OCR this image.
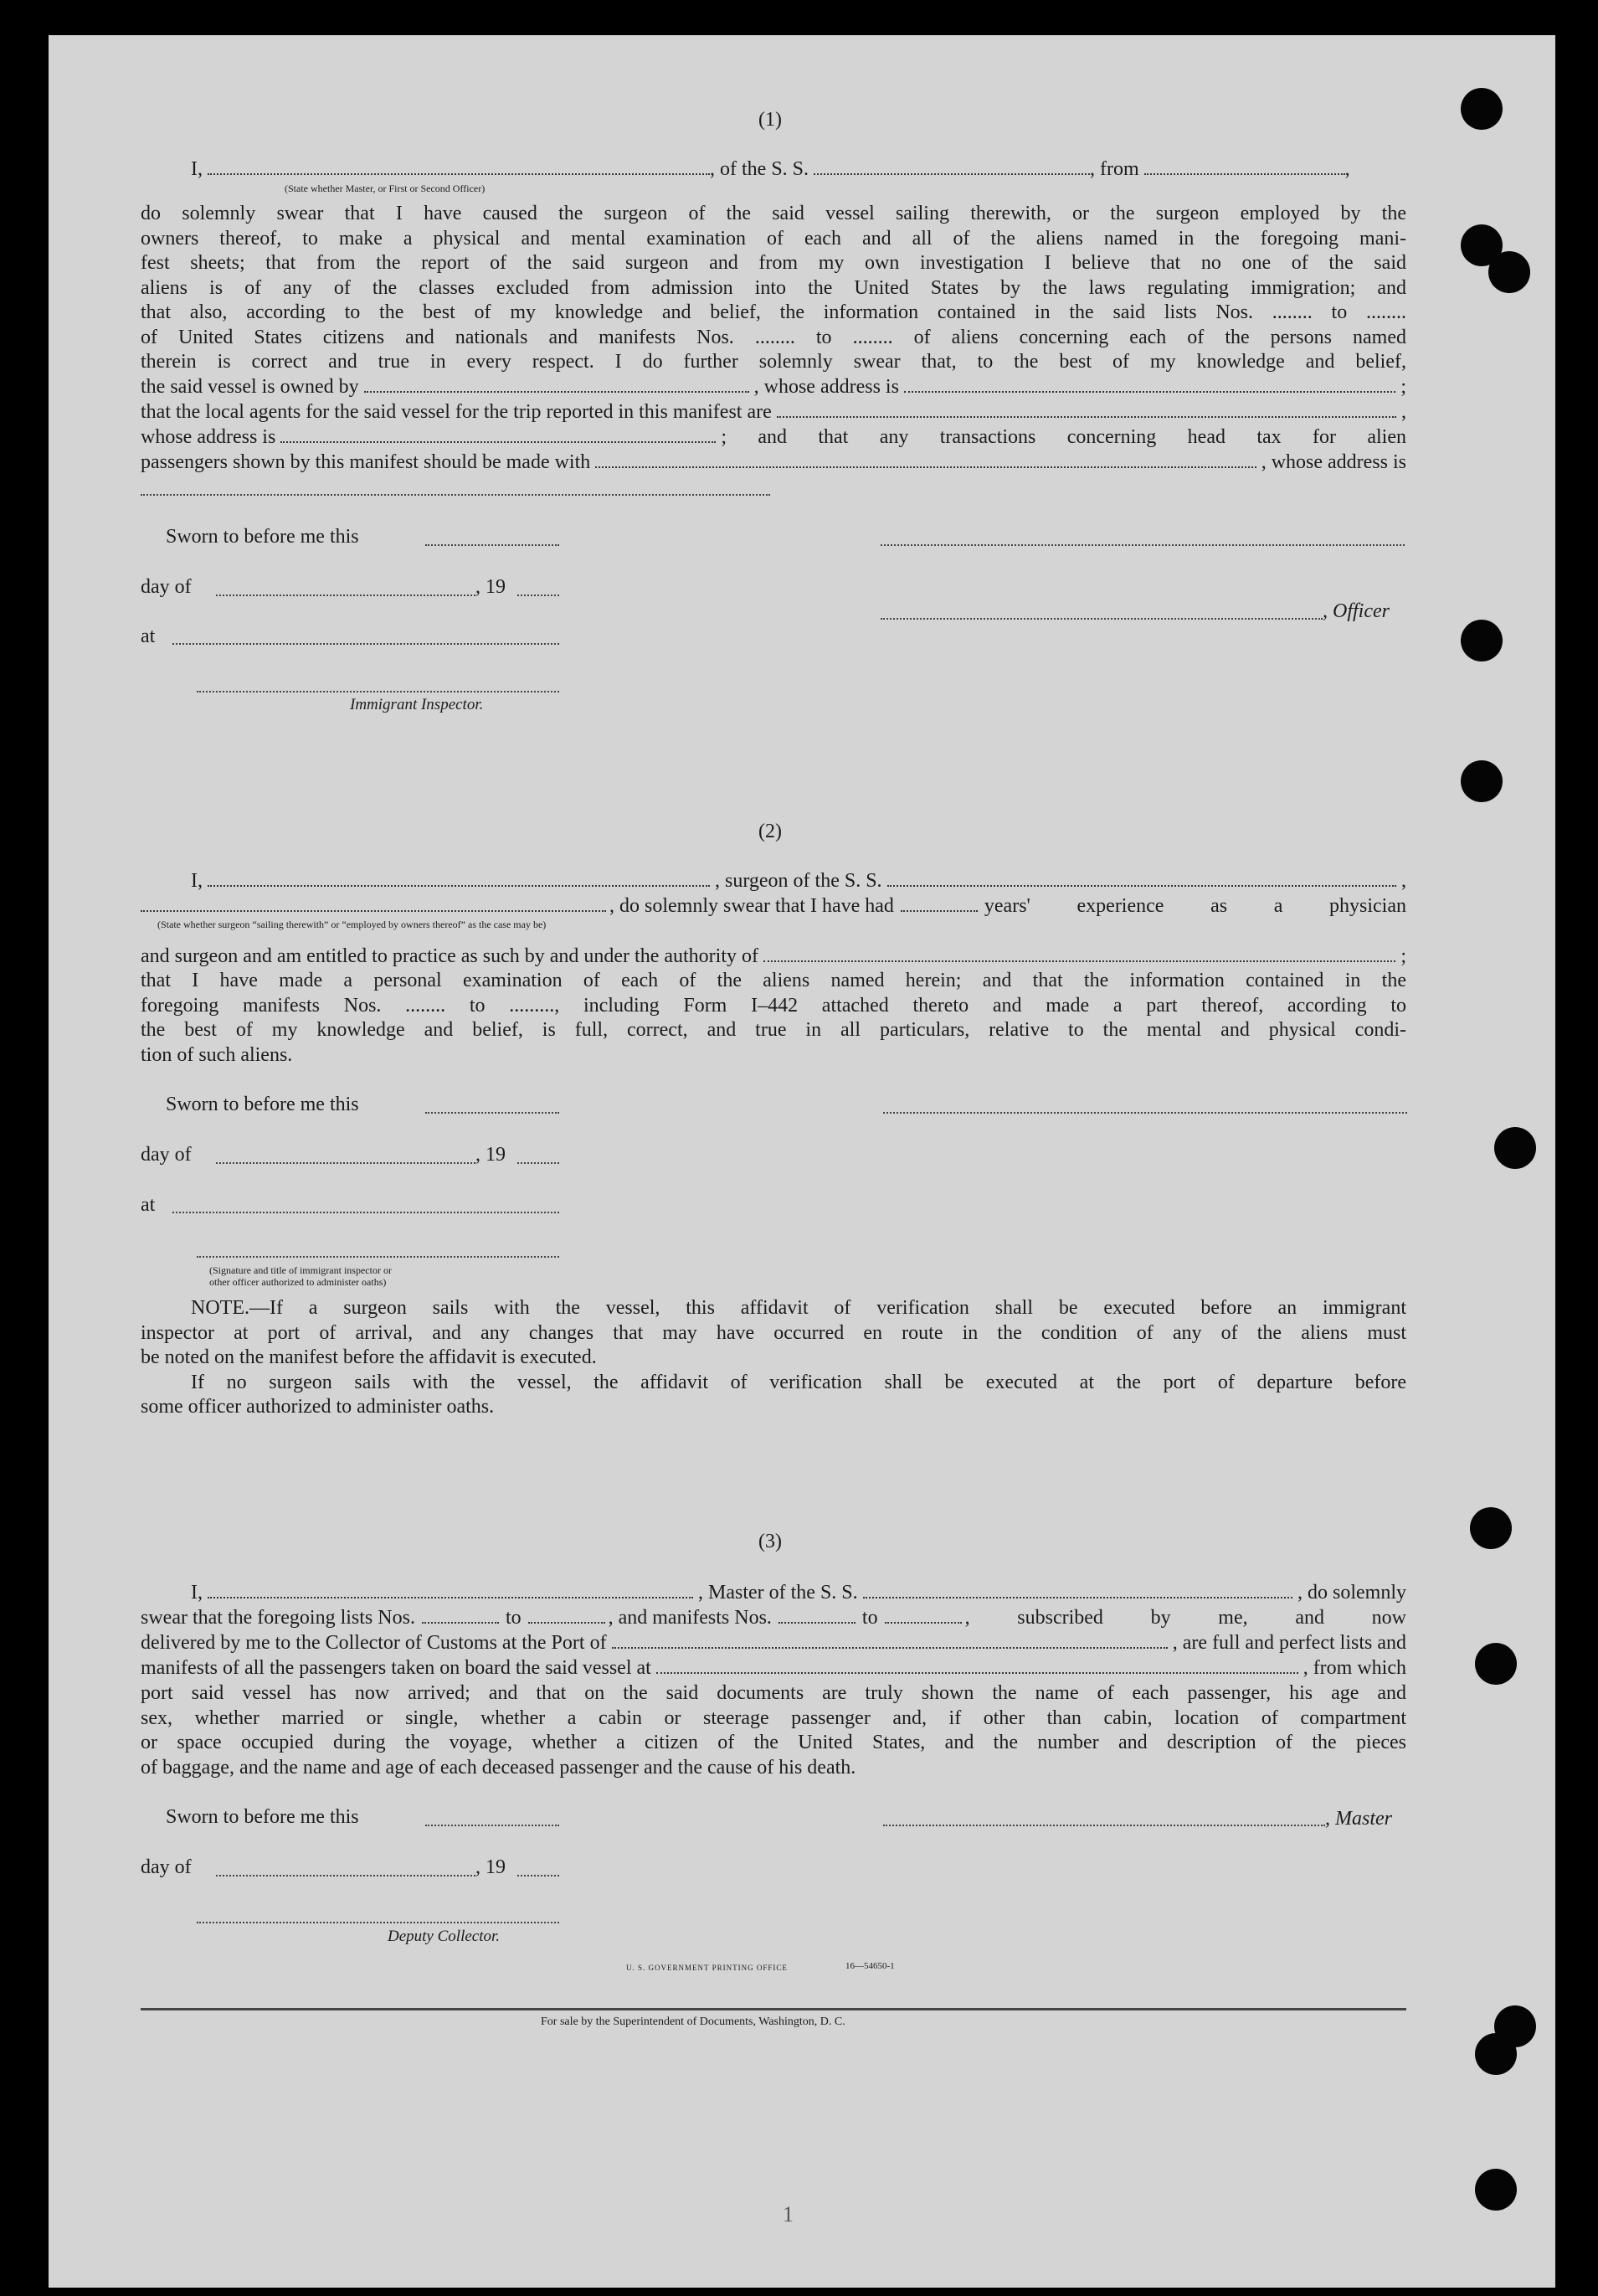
(1)
I,	, of the S. S.	, from	,
(State whether Master, or First or Second Officer)
do solemnly swear that I have caused the surgeon of the said vessel sailing therewith, or the surgeon employed by the
owners thereof, to make a physical and mental examination of each and all of the aliens named in the foregoing mani-
fest sheets; that from the report of the said surgeon and from my own investigation I believe that no one of the said
aliens is of any of the classes excluded from admission into the United States by the laws regulating immigration; and
that also, according to the best of my knowledge and belief, the information contained in the said lists Nos. ........ to ........
of United States citizens and nationals and manifests Nos. ........ to ........ of aliens concerning each of the persons named
therein is correct and true in every respect. I do further solemnly swear that, to the best of my knowledge and belief,
the said vessel is owned by	, whose address is	;
that the local agents for the said vessel for the trip reported in this manifest are	,
whose address is	; and that any transactions concerning head tax for alien
passengers shown by this manifest should be made with	, whose address is
Sworn to before me this
day of	, 19
, Officer
at
Immigrant Inspector.
(2)
I,	, surgeon of the S. S.	,
, do solemnly swear that I have had	years' experience as a physician
(State whether surgeon “sailing therewith” or “employed by owners thereof” as the case may be)
and surgeon and am entitled to practice as such by and under the authority of	;
that I have made a personal examination of each of the aliens named herein; and that the information contained in the
foregoing manifests Nos. ........ to ........., including Form I–442 attached thereto and made a part thereof, according to
the best of my knowledge and belief, is full, correct, and true in all particulars, relative to the mental and physical condi-
tion of such aliens.
Sworn to before me this
day of	, 19
at
(Signature and title of immigrant inspector or
other officer authorized to administer oaths)
NOTE.—If a surgeon sails with the vessel, this affidavit of verification shall be executed before an immigrant
inspector at port of arrival, and any changes that may have occurred en route in the condition of any of the aliens must
be noted on the manifest before the affidavit is executed.
If no surgeon sails with the vessel, the affidavit of verification shall be executed at the port of departure before
some officer authorized to administer oaths.
(3)
I,	, Master of the S. S.	, do solemnly
swear that the foregoing lists Nos.	to	, and manifests Nos.	to	, subscribed by me, and now
delivered by me to the Collector of Customs at the Port of	, are full and perfect lists and
manifests of all the passengers taken on board the said vessel at	, from which
port said vessel has now arrived; and that on the said documents are truly shown the name of each passenger, his age and
sex, whether married or single, whether a cabin or steerage passenger and, if other than cabin, location of compartment
or space occupied during the voyage, whether a citizen of the United States, and the number and description of the pieces
of baggage, and the name and age of each deceased passenger and the cause of his death.
Sworn to before me this	, Master
day of	, 19
Deputy Collector.
U. S. GOVERNMENT PRINTING OFFICE	16—54650-1
For sale by the Superintendent of Documents, Washington, D. C.
1
